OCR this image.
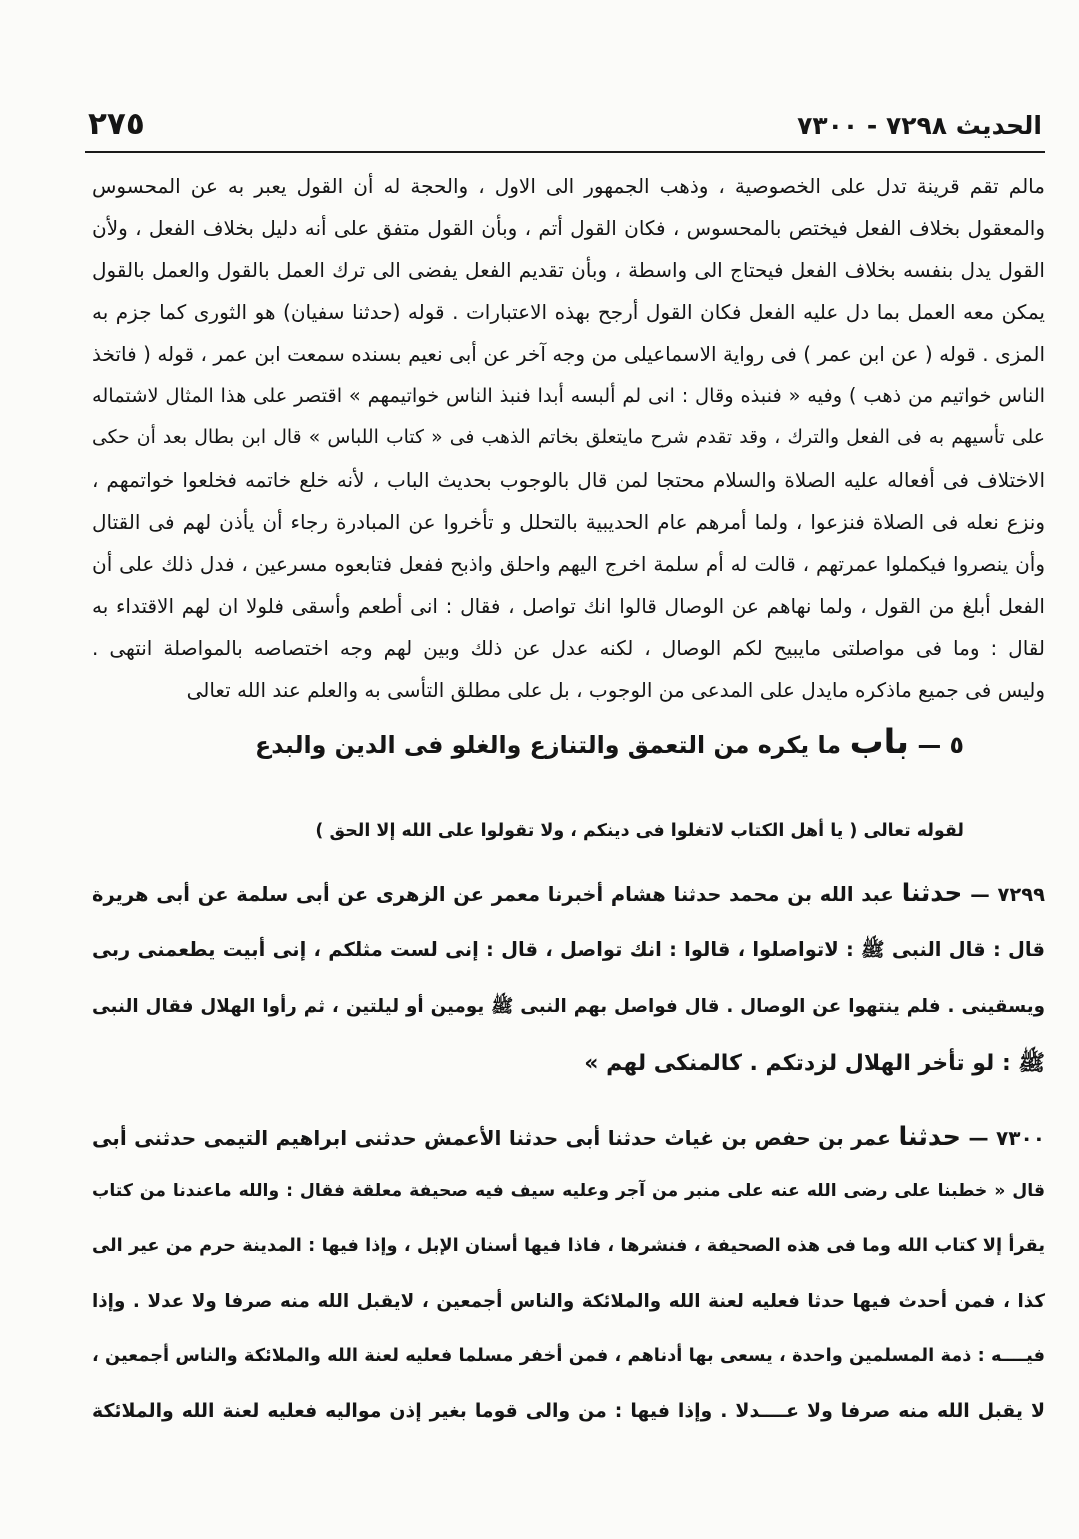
الحديث ٧٢٩٨ - ٧٣٠٠
٢٧٥
مالم تقم قرينة تدل على الخصوصية ، وذهب الجمهور الى الاول ، والحجة له أن القول يعبر به عن المحسوس
والمعقول بخلاف الفعل فيختص بالمحسوس ، فكان القول أتم ، وبأن القول متفق على أنه دليل بخلاف الفعل ، ولأن
القول يدل بنفسه بخلاف الفعل فيحتاج الى واسطة ، وبأن تقديم الفعل يفضى الى ترك العمل بالقول والعمل بالقول
يمكن معه العمل بما دل عليه الفعل فكان القول أرجح بهذه الاعتبارات . قوله (حدثنا سفيان) هو الثورى كما جزم به
المزى . قوله ( عن ابن عمر ) فى رواية الاسماعيلى من وجه آخر عن أبى نعيم بسنده سمعت ابن عمر ، قوله ( فاتخذ
الناس خواتيم من ذهب ) وفيه « فنبذه وقال : انى لم ألبسه أبدا فنبذ الناس خواتيمهم » اقتصر على هذا المثال لاشتماله
على تأسيهم به فى الفعل والترك ، وقد تقدم شرح مايتعلق بخاتم الذهب فى « كتاب اللباس » قال ابن بطال بعد أن حكى
الاختلاف فى أفعاله عليه الصلاة والسلام محتجا لمن قال بالوجوب بحديث الباب ، لأنه خلع خاتمه فخلعوا خواتمهم ،
ونزع نعله فى الصلاة فنزعوا ، ولما أمرهم عام الحديبية بالتحلل و تأخروا عن المبادرة رجاء أن يأذن لهم فى القتال
وأن ينصروا فيكملوا عمرتهم ، قالت له أم سلمة اخرج اليهم واحلق واذبح ففعل فتابعوه مسرعين ، فدل ذلك على أن
الفعل أبلغ من القول ، ولما نهاهم عن الوصال قالوا انك تواصل ، فقال : انى أطعم وأسقى فلولا ان لهم الاقتداء به
لقال : وما فى مواصلتى مايبيح لكم الوصال ، لكنه عدل عن ذلك وبين لهم وجه اختصاصه بالمواصلة انتهى .
وليس فى جميع ماذكره مايدل على المدعى من الوجوب ، بل على مطلق التأسى به والعلم عند الله تعالى
٥ — باب ما يكره من التعمق والتنازع والغلو فى الدين والبدع
لقوله تعالى ( يا أهل الكتاب لاتغلوا فى دينكم ، ولا تقولوا على الله إلا الحق )
٧٢٩٩ — حدثنا عبد الله بن محمد حدثنا هشام أخبرنا معمر عن الزهرى عن أبى سلمة عن أبى هريرة
قال : قال النبى ﷺ : لاتواصلوا ، قالوا : انك تواصل ، قال : إنى لست مثلكم ، إنى أبيت يطعمنى ربى
ويسقينى . فلم ينتهوا عن الوصال . قال فواصل بهم النبى ﷺ يومين أو ليلتين ، ثم رأوا الهلال فقال النبى
ﷺ : لو تأخر الهلال لزدتكم . كالمنكى لهم »
٧٣٠٠ — حدثنا عمر بن حفص بن غياث حدثنا أبى حدثنا الأعمش حدثنى ابراهيم التيمى حدثنى أبى
قال « خطبنا على رضى الله عنه على منبر من آجر وعليه سيف فيه صحيفة معلقة فقال : والله ماعندنا من كتاب
يقرأ إلا كتاب الله وما فى هذه الصحيفة ، فنشرها ، فاذا فيها أسنان الإبل ، وإذا فيها : المدينة حرم من عير الى
كذا ، فمن أحدث فيها حدثا فعليه لعنة الله والملائكة والناس أجمعين ، لايقبل الله منه صرفا ولا عدلا . وإذا
فيــــه : ذمة المسلمين واحدة ، يسعى بها أدناهم ، فمن أخفر مسلما فعليه لعنة الله والملائكة والناس أجمعين ،
لا يقبل الله منه صرفا ولا عــــدلا . وإذا فيها : من والى قوما بغير إذن مواليه فعليه لعنة الله والملائكة
